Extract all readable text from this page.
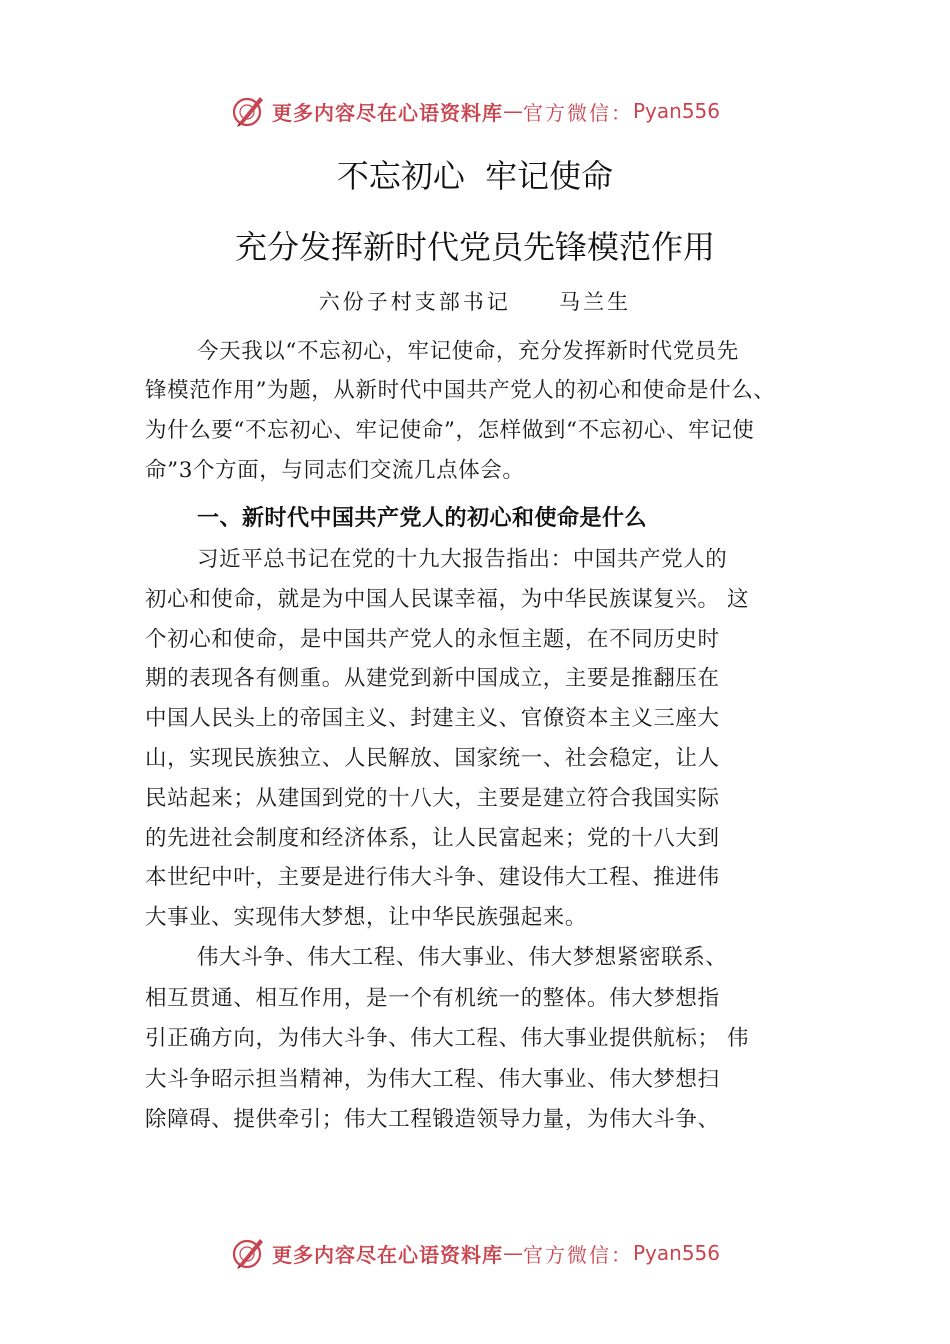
更多内容尽在心语资料库 — 官方微信： Pyan556
不忘初心  牢记使命
充分发挥新时代党员先锋模范作用
六份子村支部书记     马兰生
今天我以“不忘初心，牢记使命，充分发挥新时代党员先
锋模范作用”为题，从新时代中国共产党人的初心和使命是什么、
为什么要“不忘初心、牢记使命”，怎样做到“不忘初心、牢记使
命”3个方面，与同志们交流几点体会。
一、新时代中国共产党人的初心和使命是什么
习近平总书记在党的十九大报告指出：中国共产党人的
初心和使命，就是为中国人民谋幸福，为中华民族谋复兴。 这
个初心和使命，是中国共产党人的永恒主题，在不同历史时
期的表现各有侧重。从建党到新中国成立，主要是推翻压在
中国人民头上的帝国主义、封建主义、官僚资本主义三座大
山，实现民族独立、人民解放、国家统一、社会稳定，让人
民站起来；从建国到党的十八大，主要是建立符合我国实际
的先进社会制度和经济体系，让人民富起来；党的十八大到
本世纪中叶，主要是进行伟大斗争、建设伟大工程、推进伟
大事业、实现伟大梦想，让中华民族强起来。
伟大斗争、伟大工程、伟大事业、伟大梦想紧密联系、
相互贯通、相互作用，是一个有机统一的整体。伟大梦想指
引正确方向，为伟大斗争、伟大工程、伟大事业提供航标； 伟
大斗争昭示担当精神，为伟大工程、伟大事业、伟大梦想扫
除障碍、提供牵引；伟大工程锻造领导力量，为伟大斗争、
更多内容尽在心语资料库 — 官方微信： Pyan556
